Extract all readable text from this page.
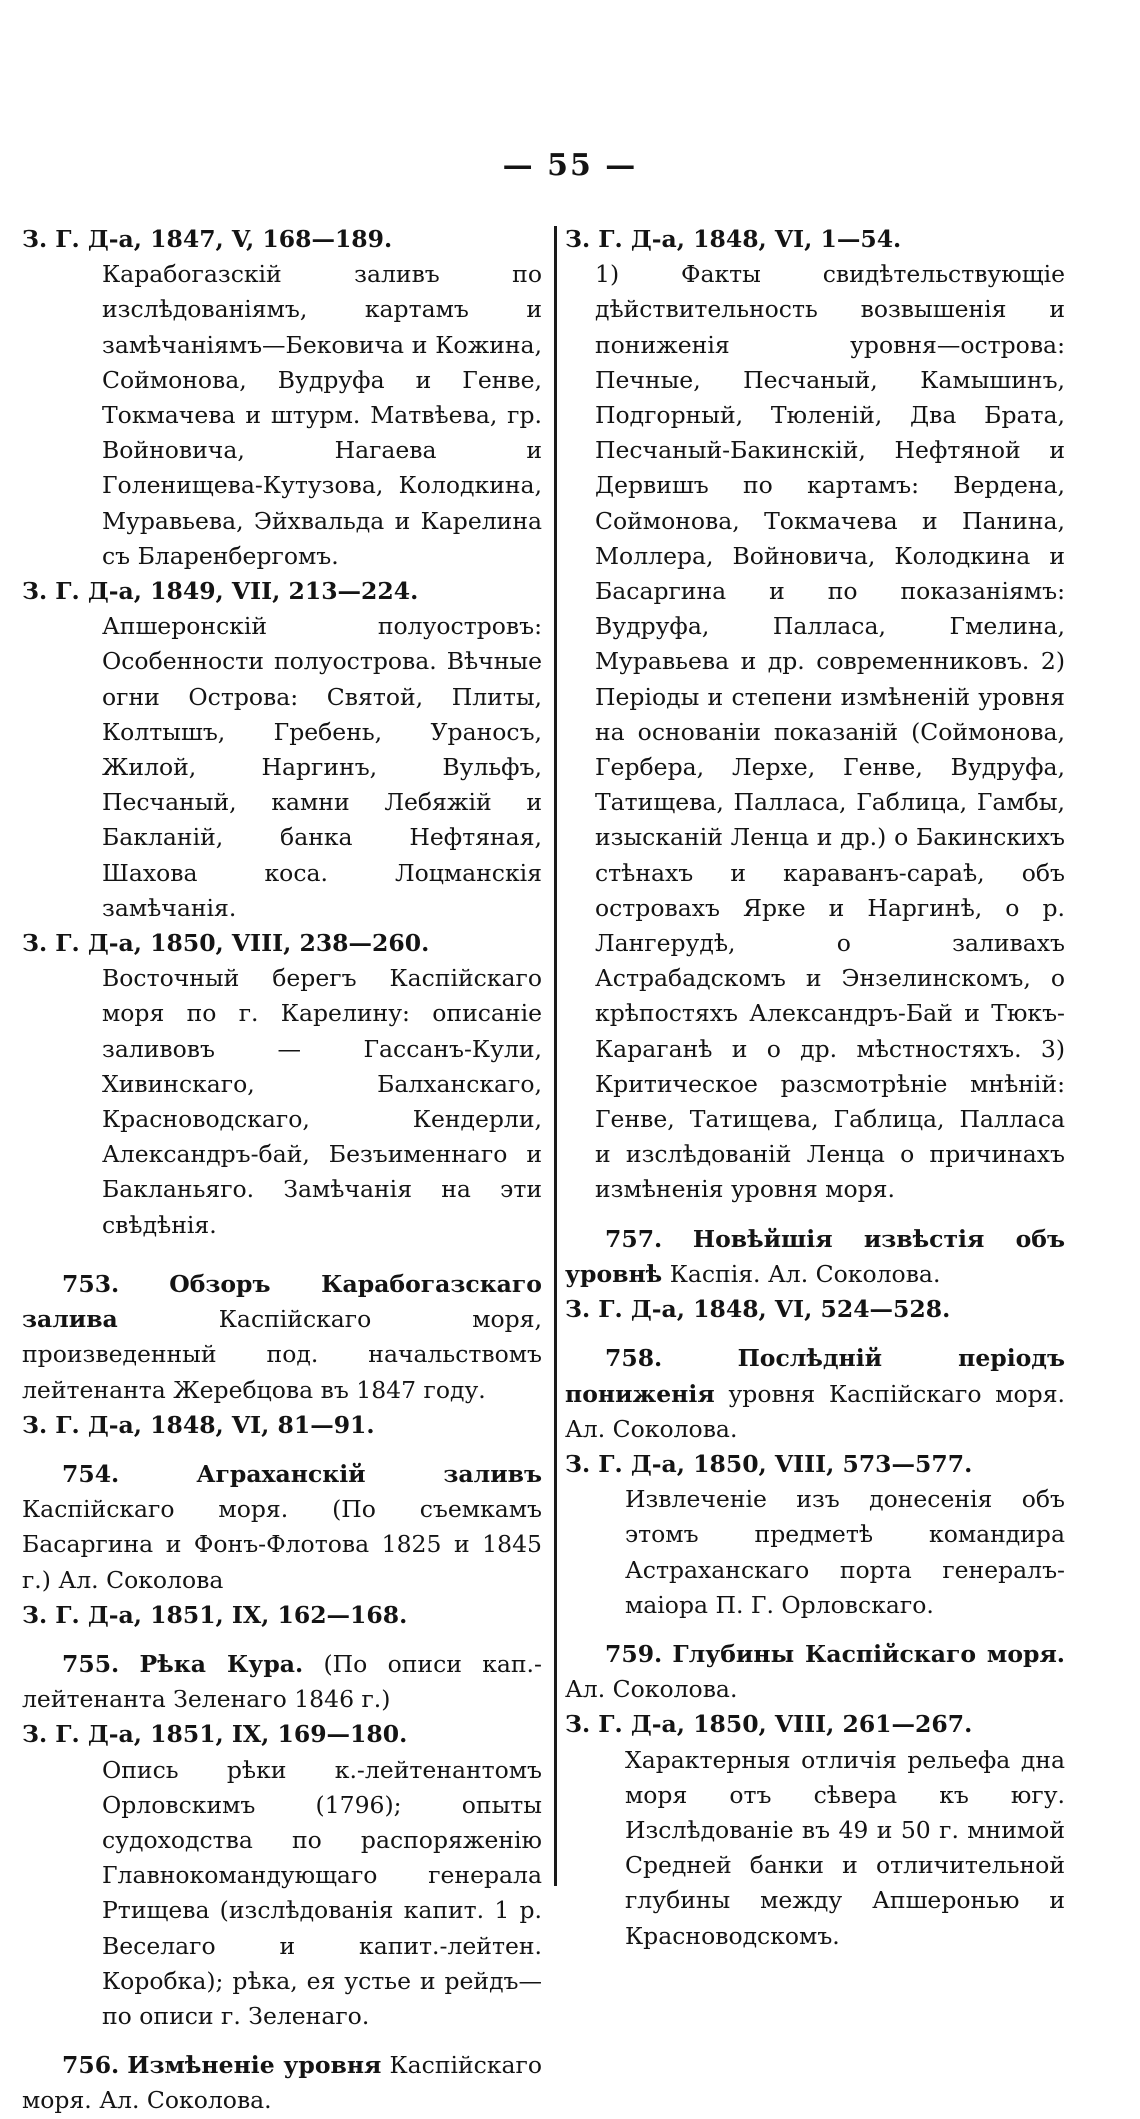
— 55 —

З. Г. Д-а, 1847, V, 168—189.

Карабогазскій заливъ по изслѣдованіямъ, картамъ и замѣчаніямъ—Бековича и Кожина, Соймонова, Вудруфа и Генве, Токмачева и штурм. Матвѣева, гр. Войновича, Нагаева и Голенищева-Кутузова, Колодкина, Муравьева, Эйхвальда и Карелина съ Бларенбергомъ.

З. Г. Д-а, 1849, VII, 213—224.

Апшеронскій полуостровъ: Особенности полуострова. Вѣчные огни Острова: Святой, Плиты, Колтышъ, Гребень, Ураносъ, Жилой, Наргинъ, Вульфъ, Песчаный, камни Лебяжій и Бакланій, банка Нефтяная, Шахова коса. Лоцманскія замѣчанія.

З. Г. Д-а, 1850, VIII, 238—260.

Восточный берегъ Каспійскаго моря по г. Карелину: описаніе заливовъ — Гассанъ-Кули, Хивинскаго, Балханскаго, Красноводскаго, Кендерли, Александръ-бай, Безъименнаго и Бакланьяго. Замѣчанія на эти свѣдѣнія.

753. Обзоръ Карабогазскаго залива	Каспійскаго моря, произведенный под. начальствомъ лейтенанта Жеребцова въ 1847 году.

З. Г. Д-а, 1848, VI, 81—91.

754.	Аграханскій заливъ Каспійскаго моря. (По съемкамъ Басаргина и Фонъ-Флотова 1825 и 1845 г.) Ал. Соколова

З. Г. Д-а, 1851, IX, 162—168.

755. Рѣка Кура. (По описи кап.-лейтенанта Зеленаго 1846 г.)

З. Г. Д-а, 1851, IX, 169—180.

Опись рѣки к.-лейтенантомъ Орловскимъ (1796); опыты судоходства по распоряженію Главнокомандующаго генерала Ртищева (изслѣдованія капит. 1 р. Веселаго и капит.-лейтен. Коробка); рѣка, ея устье и рейдъ—по описи г. Зеленаго.

756. Измѣненіе уровня Каспійскаго моря. Ал. Соколова.

З. Г. Д-а, 1848, VI, 1—54.

1) Факты свидѣтельствующіе дѣйствительность возвышенія и пониженія уровня—острова: Печные, Песчаный, Камышинъ, Подгорный, Тюленій, Два Брата, Песчаный-Бакинскій, Нефтяной и Дервишъ по картамъ: Вердена, Соймонова, Токмачева и Панина, Моллера, Войновича, Колодкина и Басаргина и по показаніямъ: Вудруфа, Палласа, Гмелина, Муравьева и др. современниковъ. 2) Періоды и степени измѣненій уровня на основаніи показаній (Соймонова, Гербера, Лерхе, Генве, Вудруфа, Татищева, Палласа, Габлица, Гамбы, изысканій Ленца и др.) о Бакинскихъ стѣнахъ и караванъ-сараѣ, объ островахъ Ярке и Наргинѣ, о р. Лангерудѣ, о заливахъ Астрабадскомъ и Энзелинскомъ, о крѣпостяхъ Александръ-Бай и Тюкъ-Караганѣ и о др. мѣстностяхъ. 3) Критическое разсмотрѣніе мнѣній: Генве, Татищева, Габлица, Палласа и изслѣдованій Ленца о причинахъ измѣненія уровня моря.

757. Новѣйшія извѣстія объ уровнѣ Каспія. Ал. Соколова.

З. Г. Д-а, 1848, VI, 524—528.

758.	Послѣдній періодъ пониженія уровня Каспійскаго моря. Ал. Соколова.

З. Г. Д-а, 1850, VIII, 573—577.

Извлеченіе изъ донесенія объ этомъ предметѣ командира Астраханскаго порта генералъ-маіора П. Г. Орловскаго.

759. Глубины Каспійскаго моря. Ал. Соколова.

З. Г. Д-а, 1850, VIII, 261—267.

Характерныя отличія рельефа дна моря отъ сѣвера къ югу. Изслѣдованіе въ 49 и 50 г. мнимой Средней банки и отличительной глубины между Апшеронью и Красноводскомъ.
